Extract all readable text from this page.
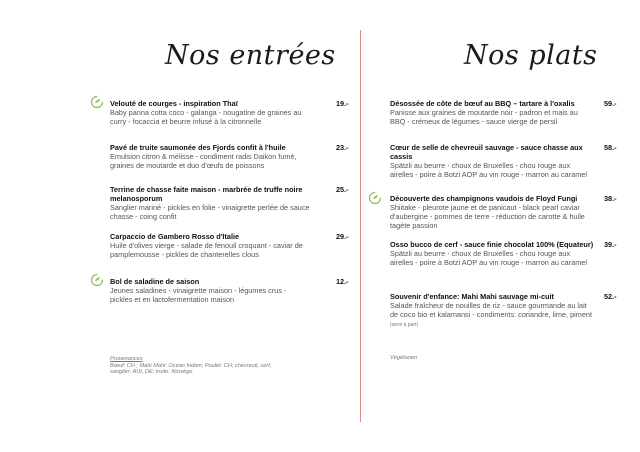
Nos entrées
Velouté de courges - inspiration Thaï
Baby panna cotta coco - galanga - nougatine de graines au curry - focaccia et beurre infusé à la citronnelle
19.-
Pavé de truite saumonée des Fjords confit à l'huile
Emulsion citron & mélisse - condiment radis Daikon fumé, graines de moutarde et duo d'œufs de poissons
23.-
Terrine de chasse faite maison - marbrée de truffe noire melanosporum
Sanglier mariné - pickles en folie - vinaigrette perlée de sauce chasse - coing confit
25.-
Carpaccio de Gambero Rosso d'Italie
Huile d'olives vierge - salade de fenouil croquant - caviar de pamplemousse - pickles de chanterelles clous
29.-
Bol de saladine de saison
Jeunes saladines - vinaigrette maison - légumes crus - pickles et en lactofermentation maison
12.-
Provenances
Bœuf: CH ; Mahi Mahi: Océan Indien; Poulet: CH; chevreuil, cerf, sanglier: AUt, DE; truite: Norvège
Nos plats
Désossée de côte de bœuf au BBQ – tartare à l'oxalis
Panisse aux graines de moutarde noir - padron et mais au BBQ - crémeux de légumes - sauce vierge de persil
59.-
Cœur de selle de chevreuil sauvage - sauce chasse aux cassis
Spätzli au beurre - choux de Bruxelles - chou rouge aux airelles - poire à Botzi AOP au vin rouge - marron au caramel
58.-
Découverte des champignons vaudois de Floyd Fungi
Shiitake - pleurote jaune et de panicaut - black pearl caviar d'aubergine - pommes de terre - réduction de carotte & huile tagète passion
38.-
Osso bucco de cerf - sauce finie chocolat 100% (Equateur)
Spätzli au beurre - choux de Bruxelles - chou rouge aux airelles - poire à Botzi AOP au vin rouge - marron au caramel
39.-
Souvenir d'enfance: Mahi Mahi sauvage mi-cuit
Salade fraîcheur de nouilles de riz - sauce gourmande au lait de coco bio et kalamansi - condiments: coriandre, lime, piment (servi à part)
52.-
Végétarien
